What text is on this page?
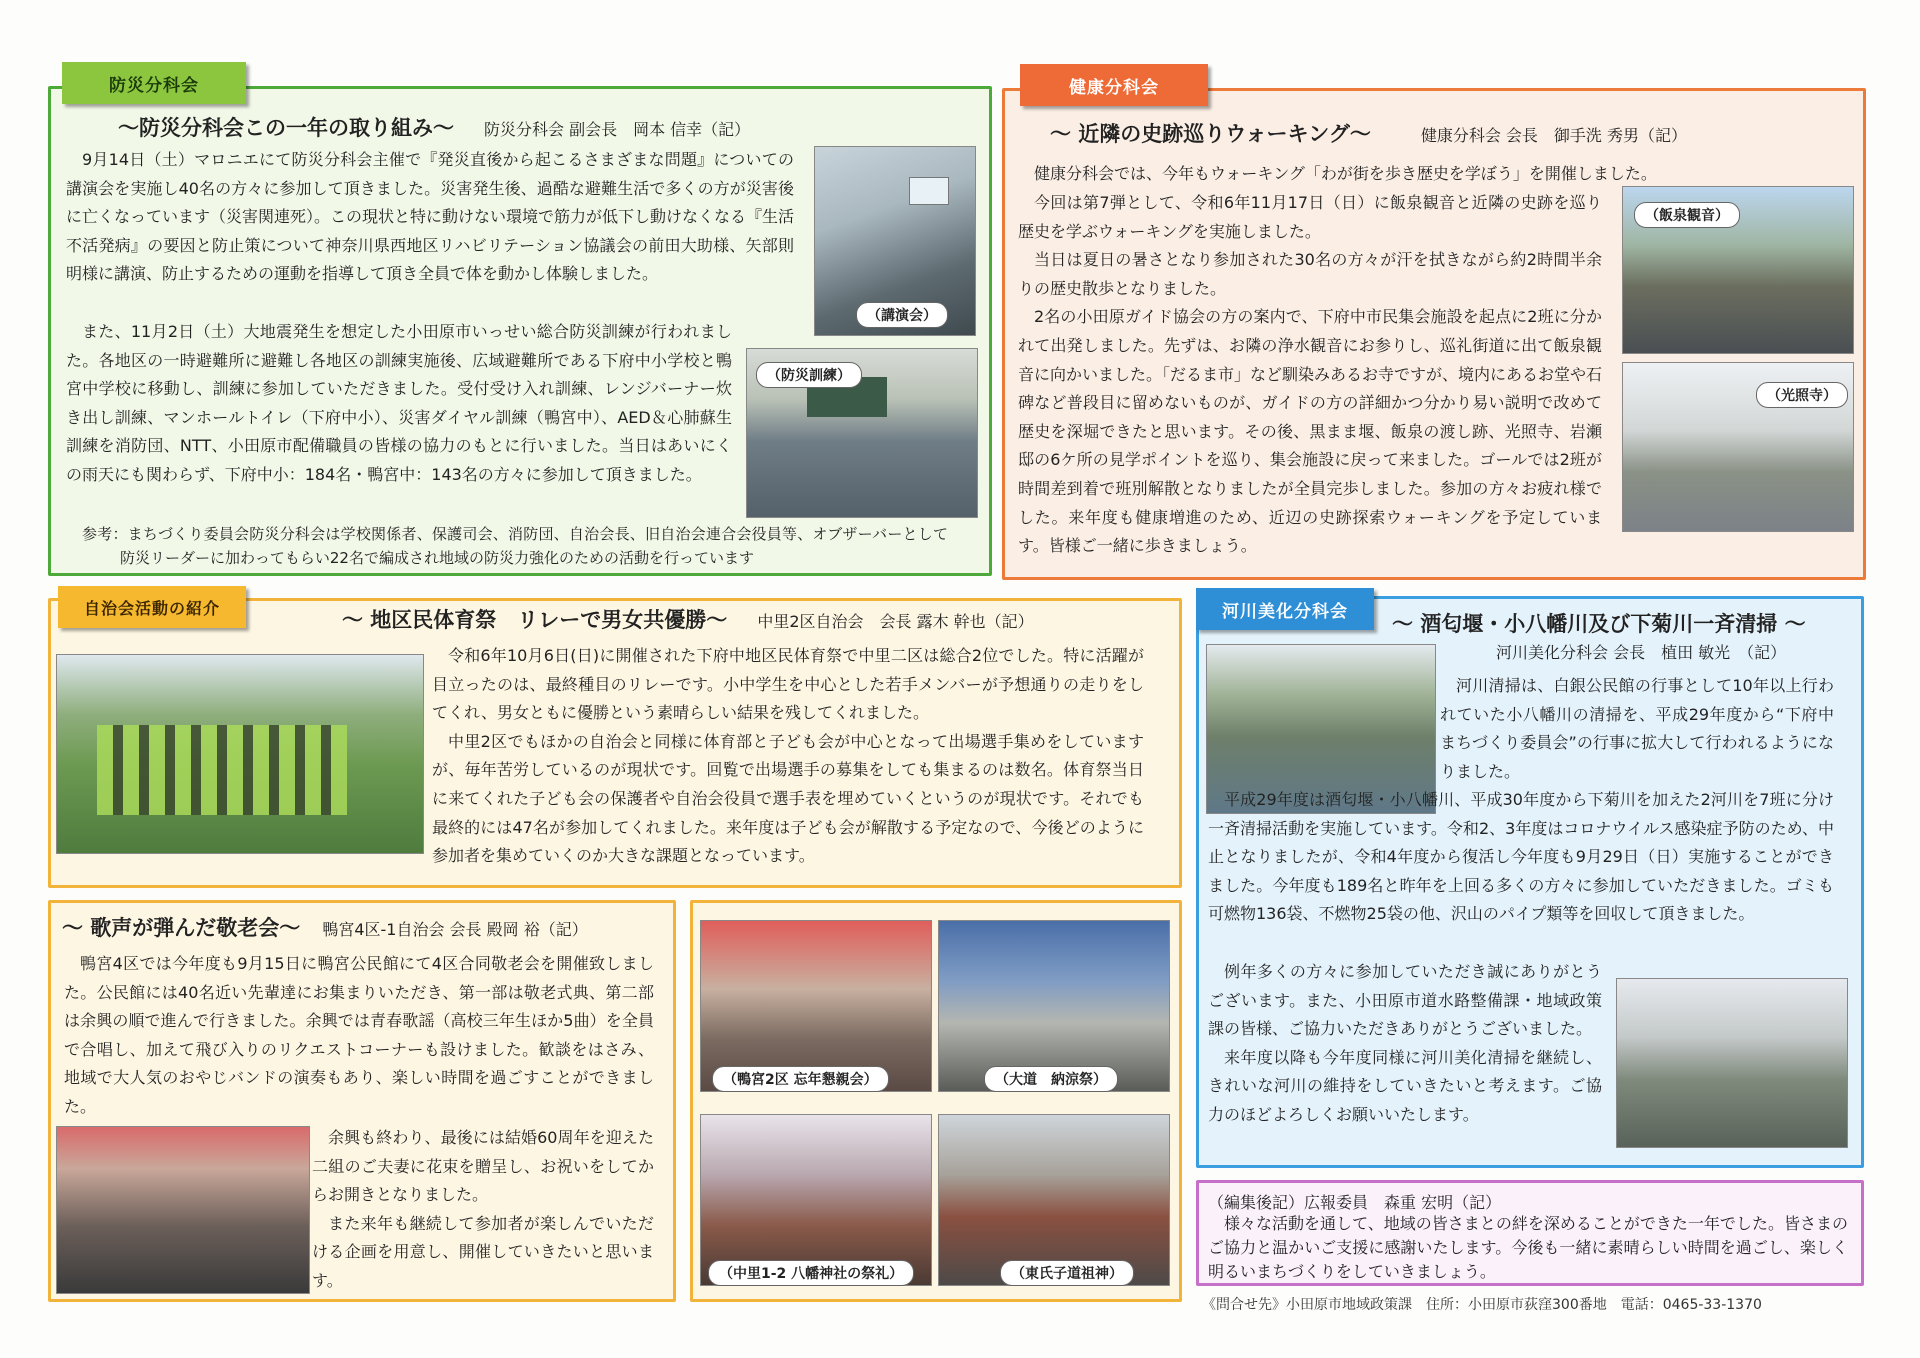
防災分科会
～防災分科会この一年の取り組み～ 防災分科会 副会長　岡本 信幸（記）

9月14日（土）マロニエにて防災分科会主催で『発災直後から起こるさまざまな問題』についての講演会を実施し40名の方々に参加して頂きました。災害発生後、過酷な避難生活で多くの方が災害後に亡くなっています（災害関連死）。この現状と特に動けない環境で筋力が低下し動けなくなる『生活不活発病』の要因と防止策について神奈川県西地区リハビリテーション協議会の前田大助様、矢部則明様に講演、防止するための運動を指導して頂き全員で体を動かし体験しました。

また、11月2日（土）大地震発生を想定した小田原市いっせい総合防災訓練が行われました。各地区の一時避難所に避難し各地区の訓練実施後、広域避難所である下府中小学校と鴨宮中学校に移動し、訓練に参加していただきました。受付受け入れ訓練、レンジバーナー炊き出し訓練、マンホールトイレ（下府中小）、災害ダイヤル訓練（鴨宮中）、AED＆心肺蘇生訓練を消防団、NTT、小田原市配備職員の皆様の協力のもとに行いました。当日はあいにくの雨天にも関わらず、下府中小：184名・鴨宮中：143名の方々に参加して頂きました。

（講演会）
（防災訓練）
参考：まちづくり委員会防災分科会は学校関係者、保護司会、消防団、自治会長、旧自治会連合会役員等、オブザーバーとして防災リーダーに加わってもらい22名で編成され地域の防災力強化のための活動を行っています
健康分科会
～ 近隣の史跡巡りウォーキング～	健康分科会 会長　御手洗 秀男（記）

健康分科会では、今年もウォーキング「わが街を歩き歴史を学ぼう」を開催しました。

今回は第7弾として、令和6年11月17日（日）に飯泉観音と近隣の史跡を巡り歴史を学ぶウォーキングを実施しました。

当日は夏日の暑さとなり参加された30名の方々が汗を拭きながら約2時間半余りの歴史散歩となりました。

2名の小田原ガイド協会の方の案内で、下府中市民集会施設を起点に2班に分かれて出発しました。先ずは、お隣の浄水観音にお参りし、巡礼街道に出て飯泉観音に向かいました。「だるま市」など馴染みあるお寺ですが、境内にあるお堂や石碑など普段目に留めないものが、ガイドの方の詳細かつ分かり易い説明で改めて歴史を深堀できたと思います。その後、黒まま堰、飯泉の渡し跡、光照寺、岩瀬邸の6ケ所の見学ポイントを巡り、集会施設に戻って来ました。ゴールでは2班が時間差到着で班別解散となりましたが全員完歩しました。参加の方々お疲れ様でした。来年度も健康増進のため、近辺の史跡探索ウォーキングを予定しています。皆様ご一緒に歩きましょう。

（飯泉観音）
（光照寺）
自治会活動の紹介	～ 地区民体育祭　リレーで男女共優勝～ 中里2区自治会　会長 露木 幹也（記）

令和6年10月6日(日)に開催された下府中地区民体育祭で中里二区は総合2位でした。特に活躍が目立ったのは、最終種目のリレーです。小中学生を中心とした若手メンバーが予想通りの走りをしてくれ、男女ともに優勝という素晴らしい結果を残してくれました。

中里2区でもほかの自治会と同様に体育部と子ども会が中心となって出場選手集めをしていますが、毎年苦労しているのが現状です。回覧で出場選手の募集をしても集まるのは数名。体育祭当日に来てくれた子ども会の保護者や自治会役員で選手表を埋めていくというのが現状です。それでも最終的には47名が参加してくれました。来年度は子ども会が解散する予定なので、今後どのように参加者を集めていくのか大きな課題となっています。

～ 歌声が弾んだ敬老会～ 鴨宮4区-1自治会 会長 殿岡 裕（記）

鴨宮4区では今年度も9月15日に鴨宮公民館にて4区合同敬老会を開催致しました。公民館には40名近い先輩達にお集まりいただき、第一部は敬老式典、第二部は余興の順で進んで行きました。余興では青春歌謡（高校三年生ほか5曲）を全員で合唱し、加えて飛び入りのリクエストコーナーも設けました。歓談をはさみ、地域で大人気のおやじバンドの演奏もあり、楽しい時間を過ごすことができました。

余興も終わり、最後には結婚60周年を迎えた二組のご夫妻に花束を贈呈し、お祝いをしてからお開きとなりました。

また来年も継続して参加者が楽しんでいただける企画を用意し、開催していきたいと思います。

（鴨宮2区 忘年懇親会）	（大道　納涼祭）
（中里1-2 八幡神社の祭礼）	（東氏子道祖神）
河川美化分科会
～ 酒匂堰・小八幡川及び下菊川一斉清掃 ～
河川美化分科会 会長　植田 敏光　（記）

河川清掃は、白銀公民館の行事として10年以上行われていた小八幡川の清掃を、平成29年度から“下府中まちづくり委員会”の行事に拡大して行われるようになりました。

平成29年度は酒匂堰・小八幡川、平成30年度から下菊川を加えた2河川を7班に分け一斉清掃活動を実施しています。令和2、3年度はコロナウイルス感染症予防のため、中止となりましたが、令和4年度から復活し今年度も9月29日（日）実施することができました。今年度も189名と昨年を上回る多くの方々に参加していただきました。ゴミも可燃物136袋、不燃物25袋の他、沢山のパイプ類等を回収して頂きました。

例年多くの方々に参加していただき誠にありがとうございます。また、小田原市道水路整備課・地域政策課の皆様、ご協力いただきありがとうございました。

来年度以降も今年度同様に河川美化清掃を継続し、きれいな河川の維持をしていきたいと考えます。ご協力のほどよろしくお願いいたします。

（編集後記）広報委員　森重 宏明（記）

様々な活動を通して、地域の皆さまとの絆を深めることができた一年でした。皆さまのご協力と温かいご支援に感謝いたします。今後も一緒に素晴らしい時間を過ごし、楽しく明るいまちづくりをしていきましょう。

《問合せ先》小田原市地域政策課　住所：小田原市荻窪300番地　電話：0465-33-1370
